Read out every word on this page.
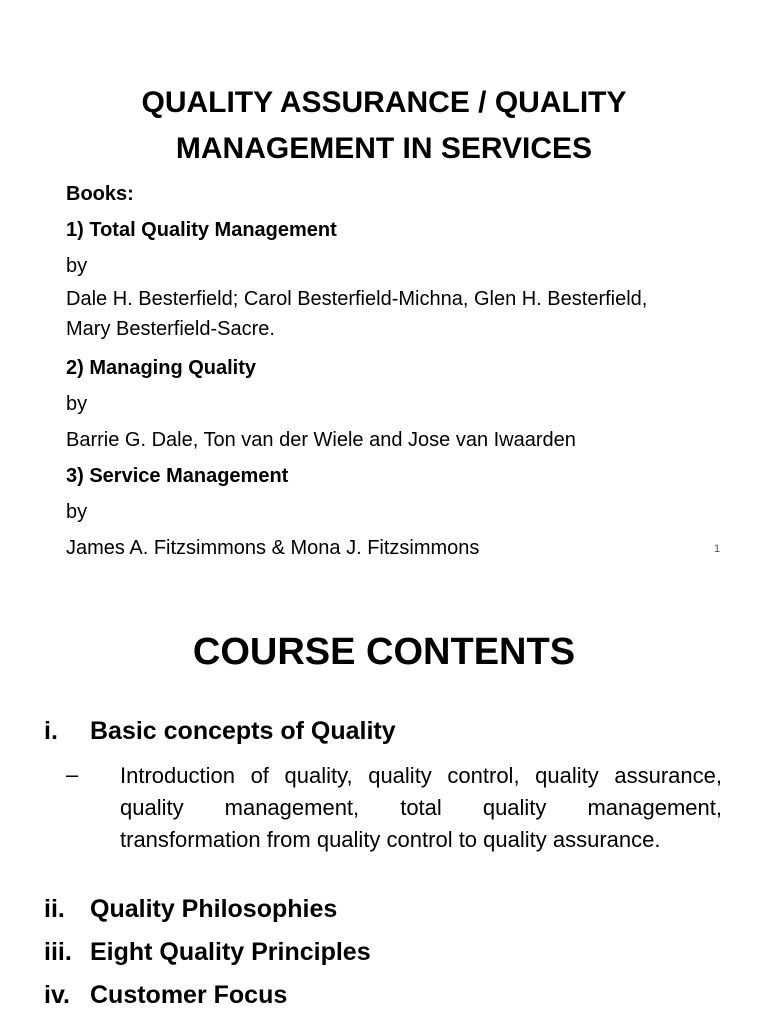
QUALITY ASSURANCE / QUALITY MANAGEMENT IN SERVICES
Books:
1) Total Quality Management
by
Dale H. Besterfield; Carol Besterfield-Michna, Glen H. Besterfield, Mary Besterfield-Sacre.
2) Managing Quality
by
Barrie G. Dale, Ton van der Wiele and Jose van Iwaarden
3) Service Management
by
James A. Fitzsimmons & Mona J. Fitzsimmons	1
COURSE CONTENTS
i.	Basic concepts of Quality
–	Introduction of quality, quality control, quality assurance, quality management, total quality management, transformation from quality control to quality assurance.
ii.	Quality Philosophies
iii. Eight Quality Principles
iv. Customer Focus
